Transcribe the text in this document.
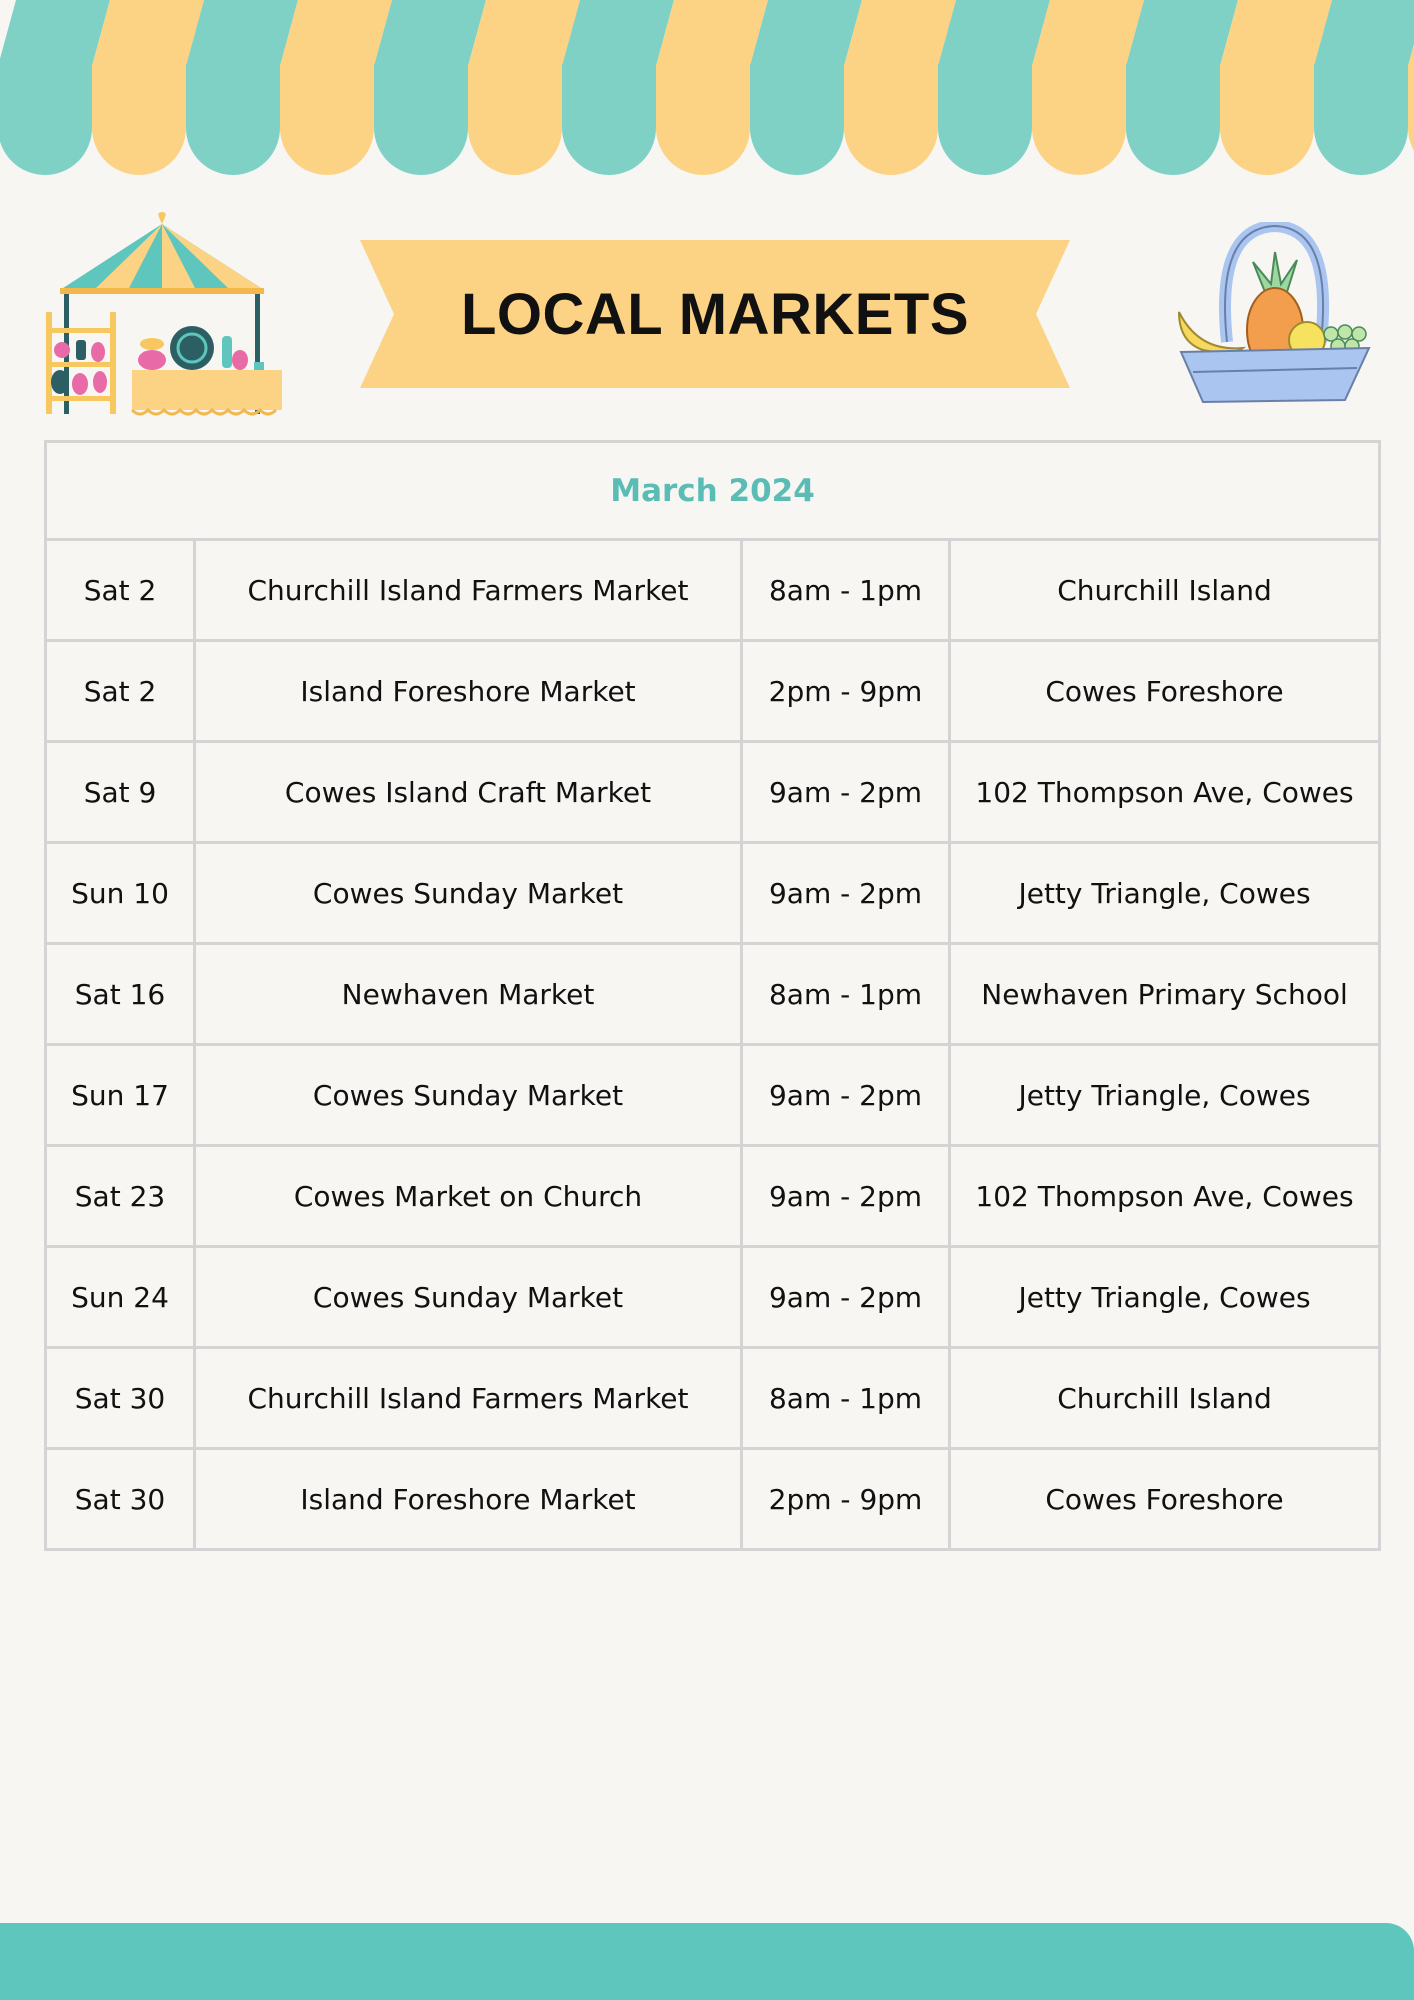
LOCAL MARKETS
March 2024			
Sat 2	Churchill Island Farmers Market	8am - 1pm	Churchill Island
Sat 2	Island Foreshore Market	2pm - 9pm	Cowes Foreshore
Sat 9	Cowes Island Craft Market	9am - 2pm	102 Thompson Ave, Cowes
Sun 10	Cowes Sunday Market	9am - 2pm	Jetty Triangle, Cowes
Sat 16	Newhaven Market	8am - 1pm	Newhaven Primary School
Sun 17	Cowes Sunday Market	9am - 2pm	Jetty Triangle, Cowes
Sat 23	Cowes Market on Church	9am - 2pm	102 Thompson Ave, Cowes
Sun 24	Cowes Sunday Market	9am - 2pm	Jetty Triangle, Cowes
Sat 30	Churchill Island Farmers Market	8am - 1pm	Churchill Island
Sat 30	Island Foreshore Market	2pm - 9pm	Cowes Foreshore
